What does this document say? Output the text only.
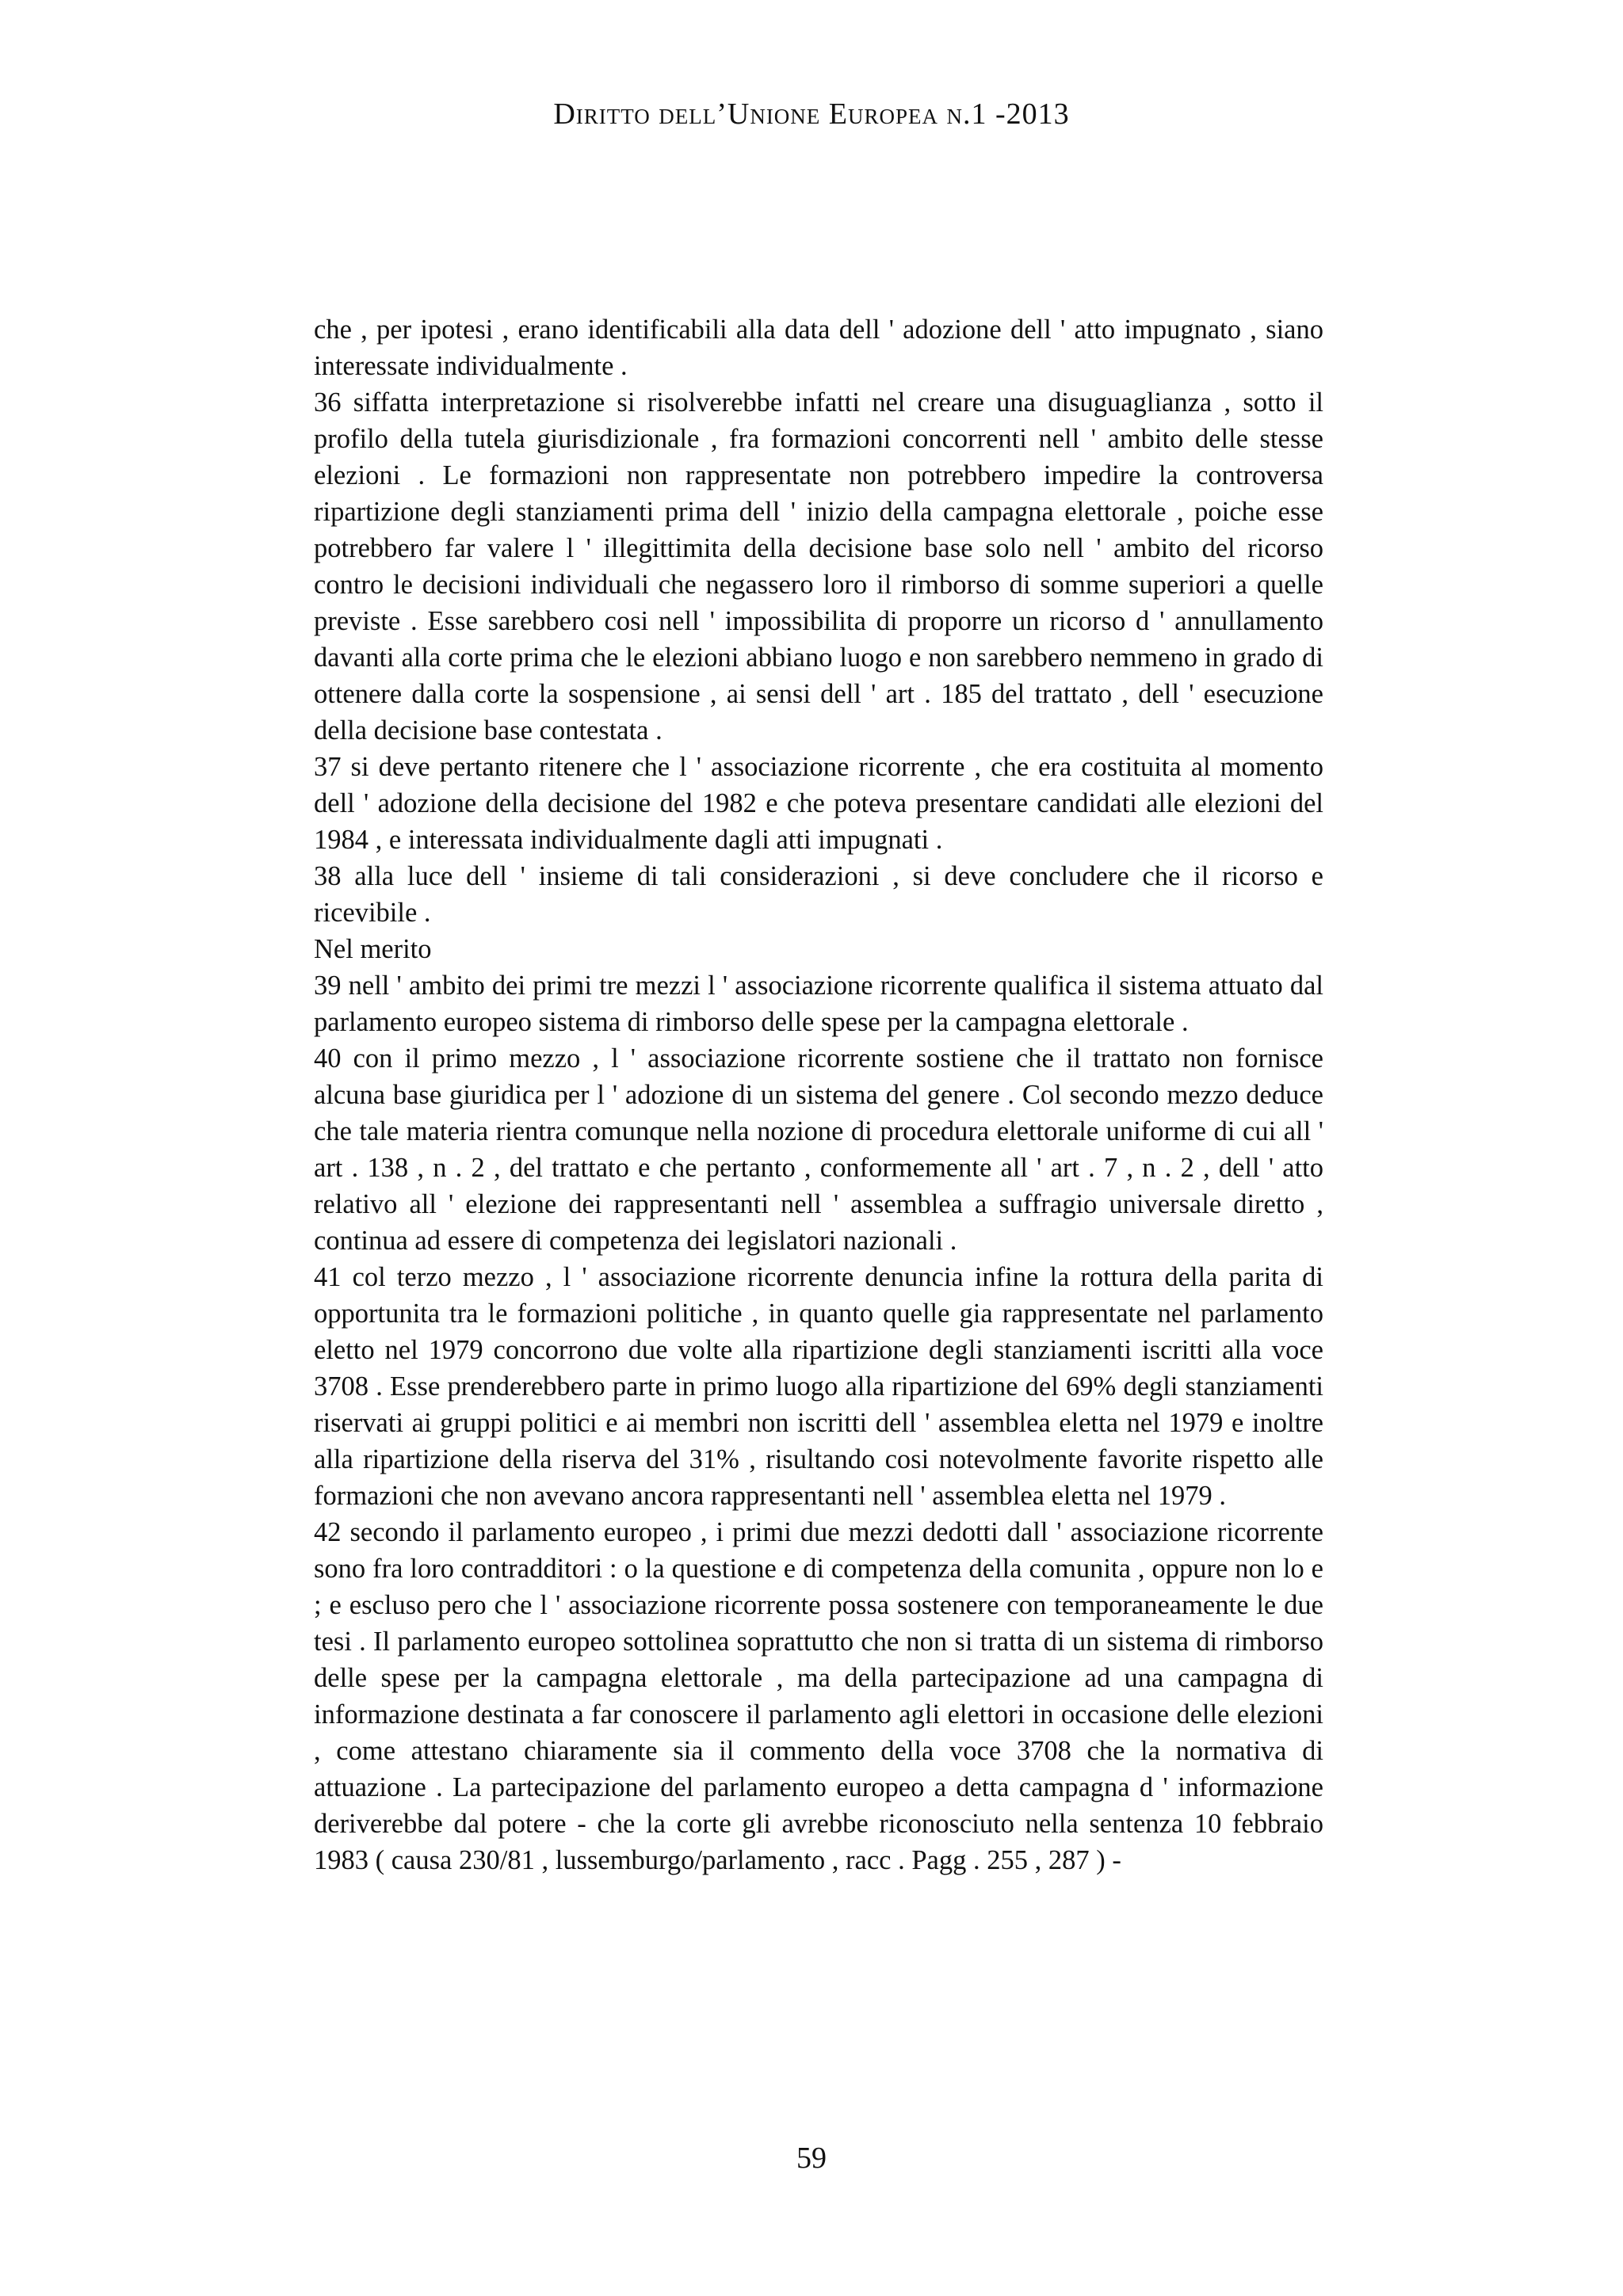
Diritto dell’Unione Europea n.1 -2013

che , per ipotesi , erano identificabili alla data dell ' adozione dell ' atto impugnato , siano interessate individualmente .

36 siffatta interpretazione si risolverebbe infatti nel creare una disuguaglianza , sotto il profilo della tutela giurisdizionale , fra formazioni concorrenti nell ' ambito delle stesse elezioni . Le formazioni non rappresentate non potrebbero impedire la controversa ripartizione degli stanziamenti prima dell ' inizio della campagna elettorale , poiche esse potrebbero far valere l ' illegittimita della decisione base solo nell ' ambito del ricorso contro le decisioni individuali che negassero loro il rimborso di somme superiori a quelle previste . Esse sarebbero cosi nell ' impossibilita di proporre un ricorso d ' annullamento davanti alla corte prima che le elezioni abbiano luogo e non sarebbero nemmeno in grado di ottenere dalla corte la sospensione , ai sensi dell ' art . 185 del trattato , dell ' esecuzione della decisione base contestata .

37 si deve pertanto ritenere che l ' associazione ricorrente , che era costituita al momento dell ' adozione della decisione del 1982 e che poteva presentare candidati alle elezioni del 1984 , e interessata individualmente dagli atti impugnati .

38 alla luce dell ' insieme di tali considerazioni , si deve concludere che il ricorso e ricevibile .

Nel merito

39 nell ' ambito dei primi tre mezzi l ' associazione ricorrente qualifica il sistema attuato dal parlamento europeo sistema di rimborso delle spese per la campagna elettorale .

40 con il primo mezzo , l ' associazione ricorrente sostiene che il trattato non fornisce alcuna base giuridica per l ' adozione di un sistema del genere . Col secondo mezzo deduce che tale materia rientra comunque nella nozione di procedura elettorale uniforme di cui all ' art . 138 , n . 2 , del trattato e che pertanto , conformemente all ' art . 7 , n . 2 , dell ' atto relativo all ' elezione dei rappresentanti nell ' assemblea a suffragio universale diretto , continua ad essere di competenza dei legislatori nazionali .

41 col terzo mezzo , l ' associazione ricorrente denuncia infine la rottura della parita di opportunita tra le formazioni politiche , in quanto quelle gia rappresentate nel parlamento eletto nel 1979 concorrono due volte alla ripartizione degli stanziamenti iscritti alla voce 3708 . Esse prenderebbero parte in primo luogo alla ripartizione del 69% degli stanziamenti riservati ai gruppi politici e ai membri non iscritti dell ' assemblea eletta nel 1979 e inoltre alla ripartizione della riserva del 31% , risultando cosi notevolmente favorite rispetto alle formazioni che non avevano ancora rappresentanti nell ' assemblea eletta nel 1979 .

42 secondo il parlamento europeo , i primi due mezzi dedotti dall ' associazione ricorrente sono fra loro contradditori : o la questione e di competenza della comunita , oppure non lo e ; e escluso pero che l ' associazione ricorrente possa sostenere con temporaneamente le due tesi . Il parlamento europeo sottolinea soprattutto che non si tratta di un sistema di rimborso delle spese per la campagna elettorale , ma della partecipazione ad una campagna di informazione destinata a far conoscere il parlamento agli elettori in occasione delle elezioni , come attestano chiaramente sia il commento della voce 3708 che la normativa di attuazione . La partecipazione del parlamento europeo a detta campagna d ' informazione deriverebbe dal potere - che la corte gli avrebbe riconosciuto nella sentenza 10 febbraio 1983 ( causa 230/81 , lussemburgo/parlamento , racc . Pagg . 255 , 287 ) -

59
